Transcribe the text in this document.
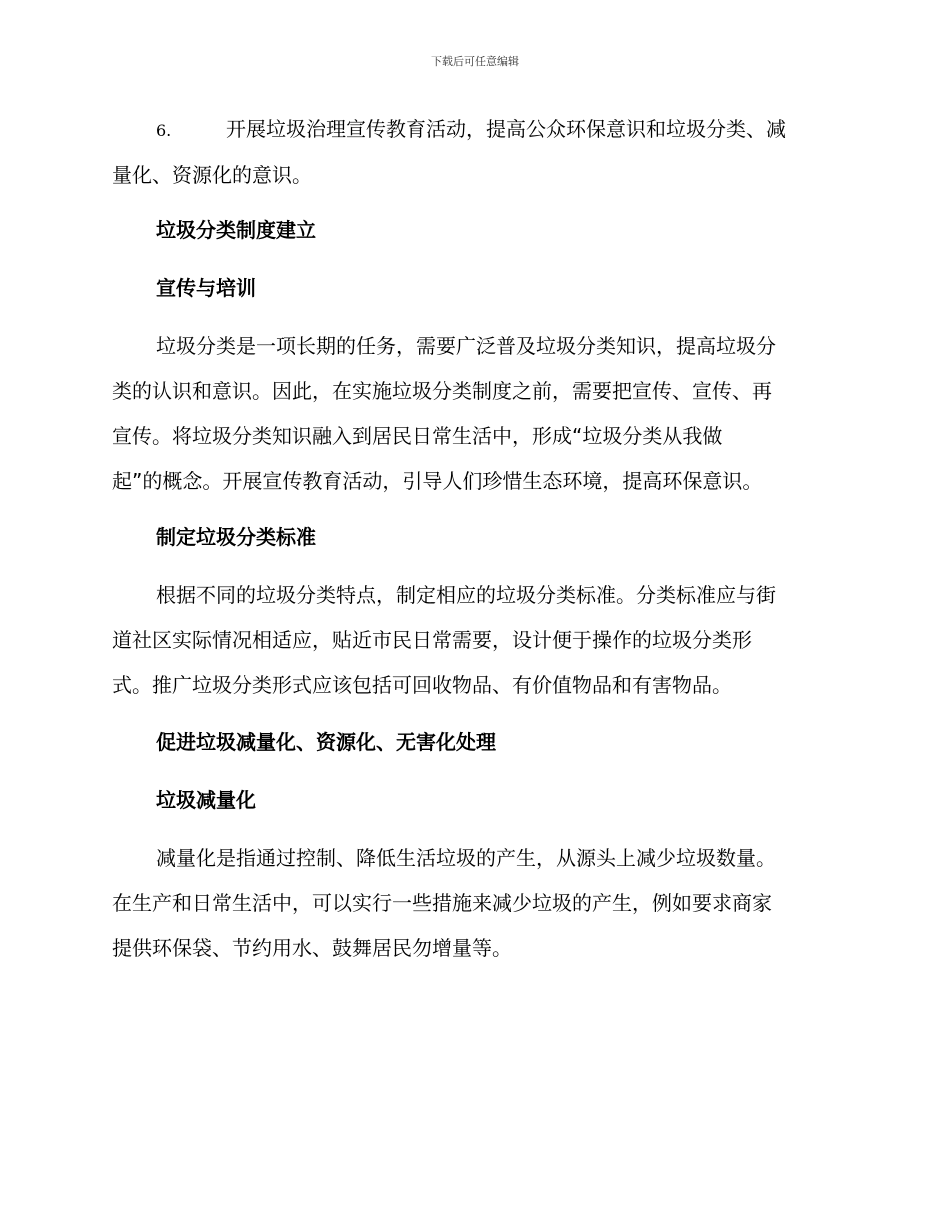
下载后可任意编辑

6.	开展垃圾治理宣传教育活动，提高公众环保意识和垃圾分类、减

量化、资源化的意识。

垃圾分类制度建立

宣传与培训

垃圾分类是一项长期的任务，需要广泛普及垃圾分类知识，提高垃圾分

类的认识和意识。因此，在实施垃圾分类制度之前，需要把宣传、宣传、再

宣传。将垃圾分类知识融入到居民日常生活中，形成“垃圾分类从我做

起”的概念。开展宣传教育活动，引导人们珍惜生态环境，提高环保意识。

制定垃圾分类标准

根据不同的垃圾分类特点，制定相应的垃圾分类标准。分类标准应与街

道社区实际情况相适应，贴近市民日常需要，设计便于操作的垃圾分类形

式。推广垃圾分类形式应该包括可回收物品、有价值物品和有害物品。

促进垃圾减量化、资源化、无害化处理

垃圾减量化

减量化是指通过控制、降低生活垃圾的产生，从源头上减少垃圾数量。

在生产和日常生活中，可以实行一些措施来减少垃圾的产生，例如要求商家

提供环保袋、节约用水、鼓舞居民勿增量等。
